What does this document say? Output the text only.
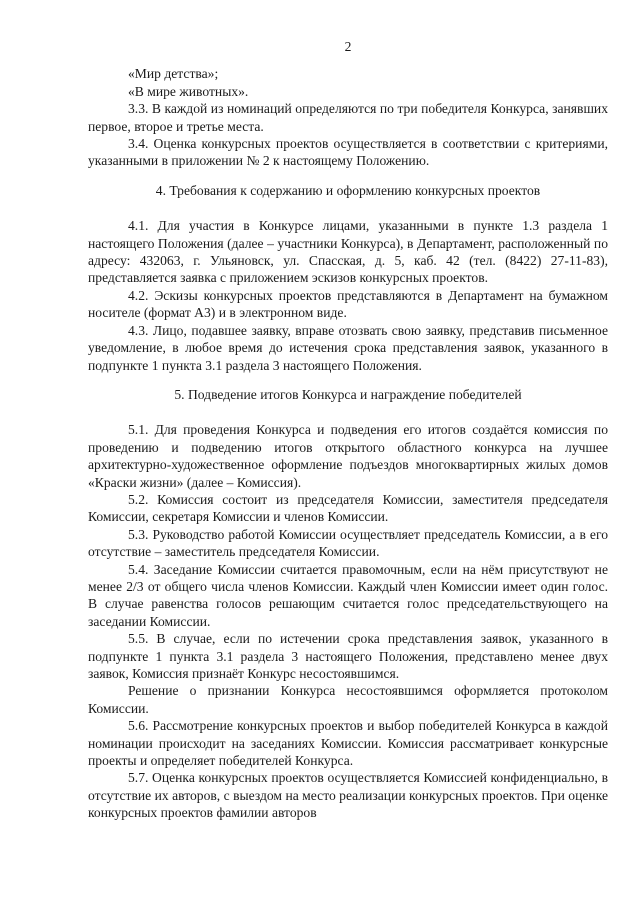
2

«Мир детства»;

«В мире животных».

3.3. В каждой из номинаций определяются по три победителя Конкурса, занявших первое, второе и третье места.

3.4. Оценка конкурсных проектов осуществляется в соответствии с критериями, указанными в приложении № 2 к настоящему Положению.

4. Требования к содержанию и оформлению конкурсных проектов

4.1. Для участия в Конкурсе лицами, указанными в пункте 1.3 раздела 1 настоящего Положения (далее – участники Конкурса), в Департамент, расположенный по адресу: 432063, г. Ульяновск, ул. Спасская, д. 5, каб. 42 (тел. (8422) 27-11-83), представляется заявка с приложением эскизов конкурсных проектов.

4.2. Эскизы конкурсных проектов представляются в Департамент на бумажном носителе (формат А3) и в электронном виде.

4.3. Лицо, подавшее заявку, вправе отозвать свою заявку, представив письменное уведомление, в любое время до истечения срока представления заявок, указанного в подпункте 1 пункта 3.1 раздела 3 настоящего Положения.

5. Подведение итогов Конкурса и награждение победителей

5.1. Для проведения Конкурса и подведения его итогов создаётся комиссия по проведению и подведению итогов открытого областного конкурса на лучшее архитектурно-художественное оформление подъездов многоквартирных жилых домов «Краски жизни» (далее – Комиссия).

5.2. Комиссия состоит из председателя Комиссии, заместителя председателя Комиссии, секретаря Комиссии и членов Комиссии.

5.3. Руководство работой Комиссии осуществляет председатель Комиссии, а в его отсутствие – заместитель председателя Комиссии.

5.4. Заседание Комиссии считается правомочным, если на нём присутствуют не менее 2/3 от общего числа членов Комиссии. Каждый член Комиссии имеет один голос. В случае равенства голосов решающим считается голос председательствующего на заседании Комиссии.

5.5. В случае, если по истечении срока представления заявок, указанного в подпункте 1 пункта 3.1 раздела 3 настоящего Положения, представлено менее двух заявок, Комиссия признаёт Конкурс несостоявшимся.

Решение о признании Конкурса несостоявшимся оформляется протоколом Комиссии.

5.6. Рассмотрение конкурсных проектов и выбор победителей Конкурса в каждой номинации происходит на заседаниях Комиссии. Комиссия рассматривает конкурсные проекты и определяет победителей Конкурса.

5.7. Оценка конкурсных проектов осуществляется Комиссией конфиденциально, в отсутствие их авторов, с выездом на место реализации конкурсных проектов. При оценке конкурсных проектов фамилии авторов
